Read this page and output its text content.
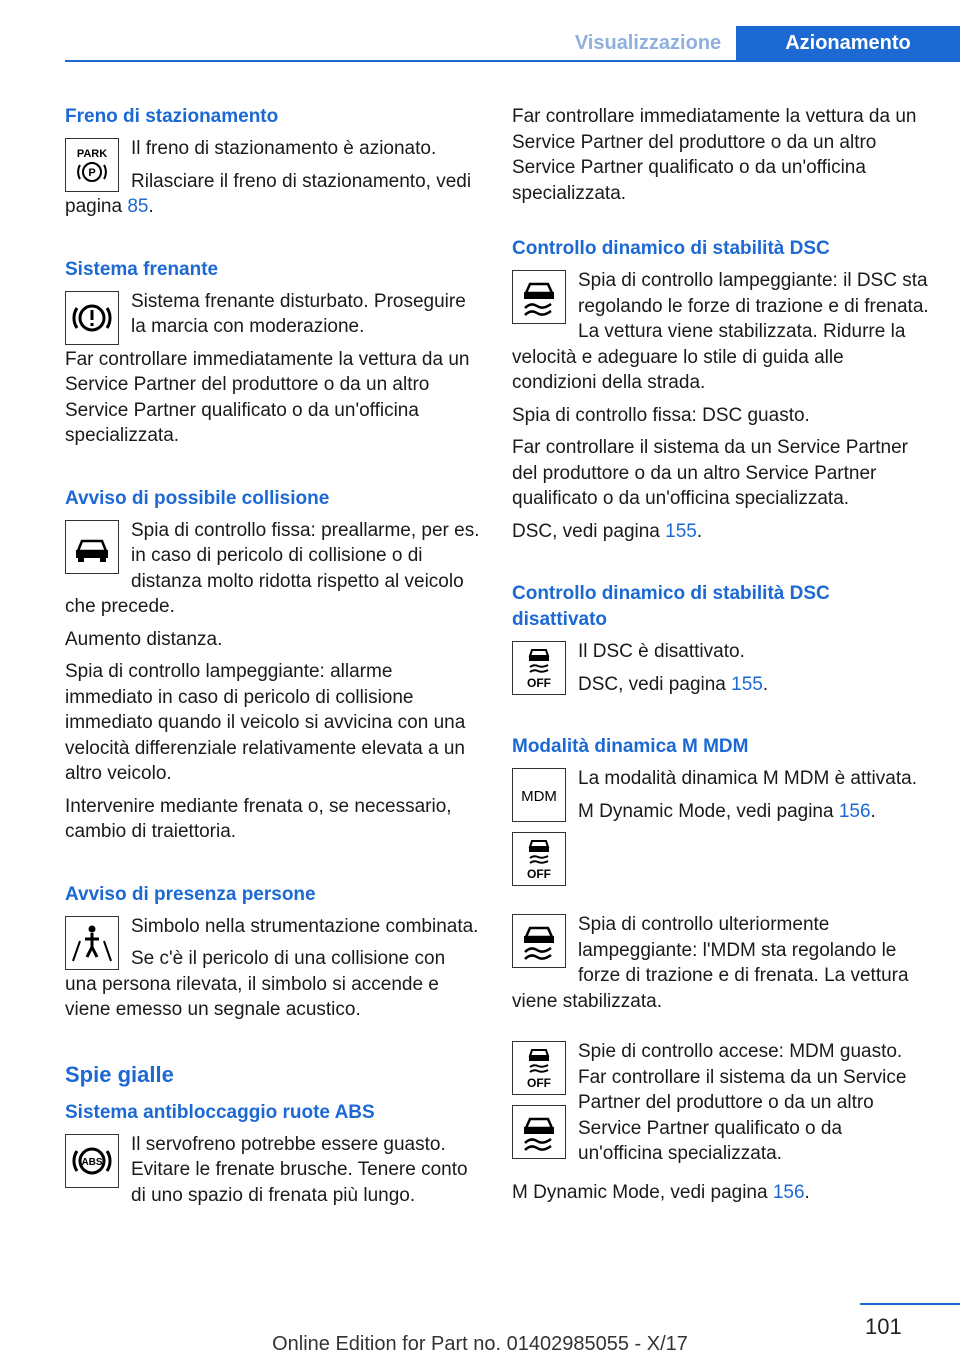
Visualizzazione	Azionamento
Freno di stazionamento
PARK
P

Il freno di stazionamento è azionato.

Rilasciare il freno di stazionamento, vedi pagina 85.

Sistema frenante

Sistema frenante disturbato. Proseguire la marcia con moderazione.

Far controllare immediatamente la vettura da un Service Partner del produttore o da un altro Service Partner qualificato o da un'officina specializzata.

Avviso di possibile collisione

Spia di controllo fissa: preallarme, per es. in caso di pericolo di collisione o di distanza molto ridotta rispetto al veicolo che precede.

Aumento distanza.

Spia di controllo lampeggiante: allarme immediato in caso di pericolo di collisione immediato quando il veicolo si avvicina con una velocità differenziale relativamente elevata a un altro veicolo.

Intervenire mediante frenata o, se necessario, cambio di traiettoria.

Avviso di presenza persone

Simbolo nella strumentazione combinata.

Se c'è il pericolo di una collisione con una persona rilevata, il simbolo si accende e viene emesso un segnale acustico.

Spie gialle
Sistema antibloccaggio ruote ABS
ABS

Il servofreno potrebbe essere guasto. Evitare le frenate brusche. Tenere conto di uno spazio di frenata più lungo.

Far controllare immediatamente la vettura da un Service Partner del produttore o da un altro Service Partner qualificato o da un'officina specializzata.

Controllo dinamico di stabilità DSC

Spia di controllo lampeggiante: il DSC sta regolando le forze di trazione e di frenata. La vettura viene stabilizzata. Ridurre la velocità e adeguare lo stile di guida alle condizioni della strada.

Spia di controllo fissa: DSC guasto.

Far controllare il sistema da un Service Partner del produttore o da un altro Service Partner qualificato o da un'officina specializzata.

DSC, vedi pagina 155.

Controllo dinamico di stabilità DSC disattivato
OFF

Il DSC è disattivato.

DSC, vedi pagina 155.

Modalità dinamica M MDM
MDM
OFF

La modalità dinamica M MDM è attivata.

M Dynamic Mode, vedi pagina 156.

Spia di controllo ulteriormente lampeggiante: l'MDM sta regolando le forze di trazione e di frenata. La vettura viene stabilizzata.

OFF

Spie di controllo accese: MDM guasto. Far controllare il sistema da un Service Partner del produttore o da un altro Service Partner qualificato o da un'officina specializzata.

M Dynamic Mode, vedi pagina 156.

101
Online Edition for Part no. 01402985055 - X/17
